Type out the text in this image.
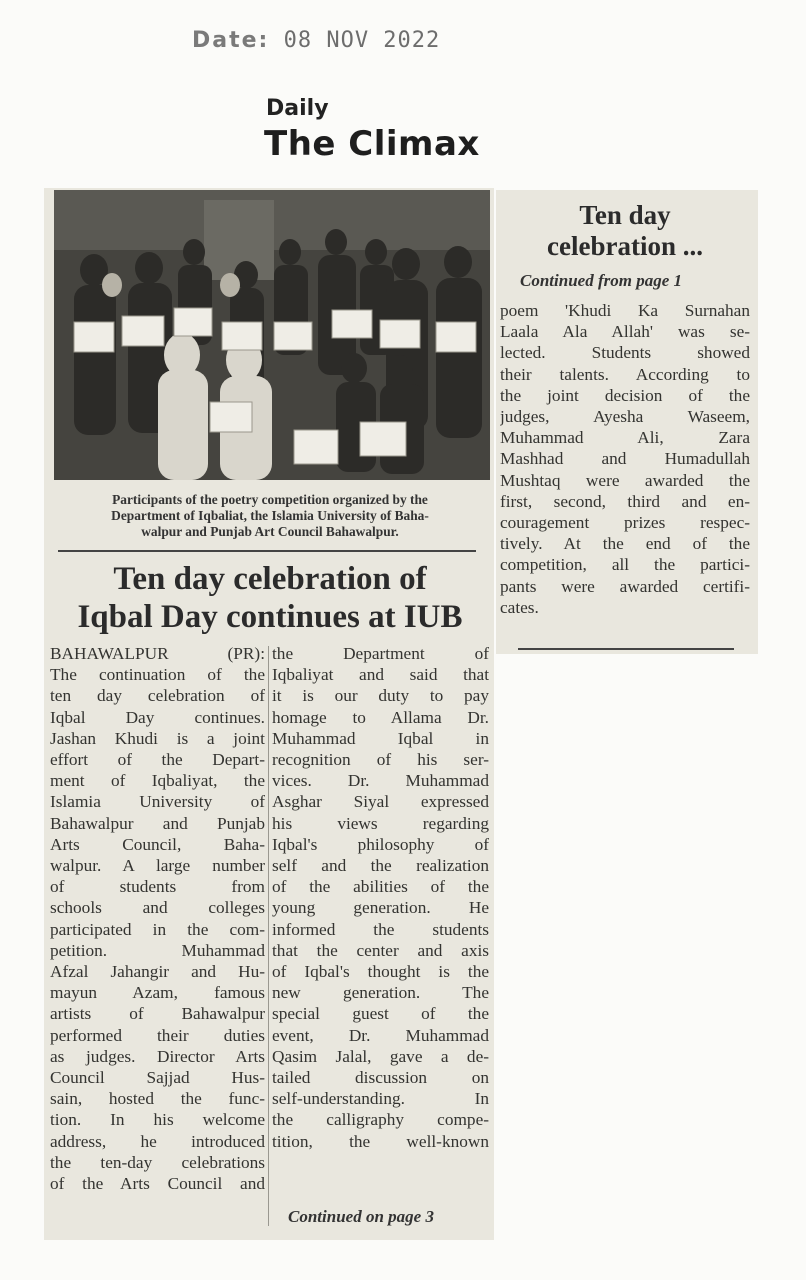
Date: 08 NOV 2022
Daily
The Climax
Participants of the poetry competition organized by the
Department of Iqbaliat, the Islamia University of Baha-
walpur and Punjab Art Council Bahawalpur.
Ten day celebration of
Iqbal Day continues at IUB
BAHAWALPUR (PR):
The continuation of the
ten day celebration of
Iqbal Day continues.
Jashan Khudi is a joint
effort of the Depart-
ment of Iqbaliyat, the
Islamia University of
Bahawalpur and Punjab
Arts Council, Baha-
walpur. A large number
of students from
schools and colleges
participated in the com-
petition. Muhammad
Afzal Jahangir and Hu-
mayun Azam, famous
artists of Bahawalpur
performed their duties
as judges. Director Arts
Council Sajjad Hus-
sain, hosted the func-
tion. In his welcome
address, he introduced
the ten-day celebrations
of the Arts Council and
the Department of
Iqbaliyat and said that
it is our duty to pay
homage to Allama Dr.
Muhammad Iqbal in
recognition of his ser-
vices. Dr. Muhammad
Asghar Siyal expressed
his views regarding
Iqbal's philosophy of
self and the realization
of the abilities of the
young generation. He
informed the students
that the center and axis
of Iqbal's thought is the
new generation. The
special guest of the
event, Dr. Muhammad
Qasim Jalal, gave a de-
tailed discussion on
self-understanding. In
the calligraphy compe-
tition, the well-known
Continued on page 3
Ten day
celebration ...
Continued from page 1
poem 'Khudi Ka Surnahan
Laala Ala Allah' was se-
lected. Students showed
their talents. According to
the joint decision of the
judges, Ayesha Waseem,
Muhammad Ali, Zara
Mashhad and Humadullah
Mushtaq were awarded the
first, second, third and en-
couragement prizes respec-
tively. At the end of the
competition, all the partici-
pants were awarded certifi-
cates.
